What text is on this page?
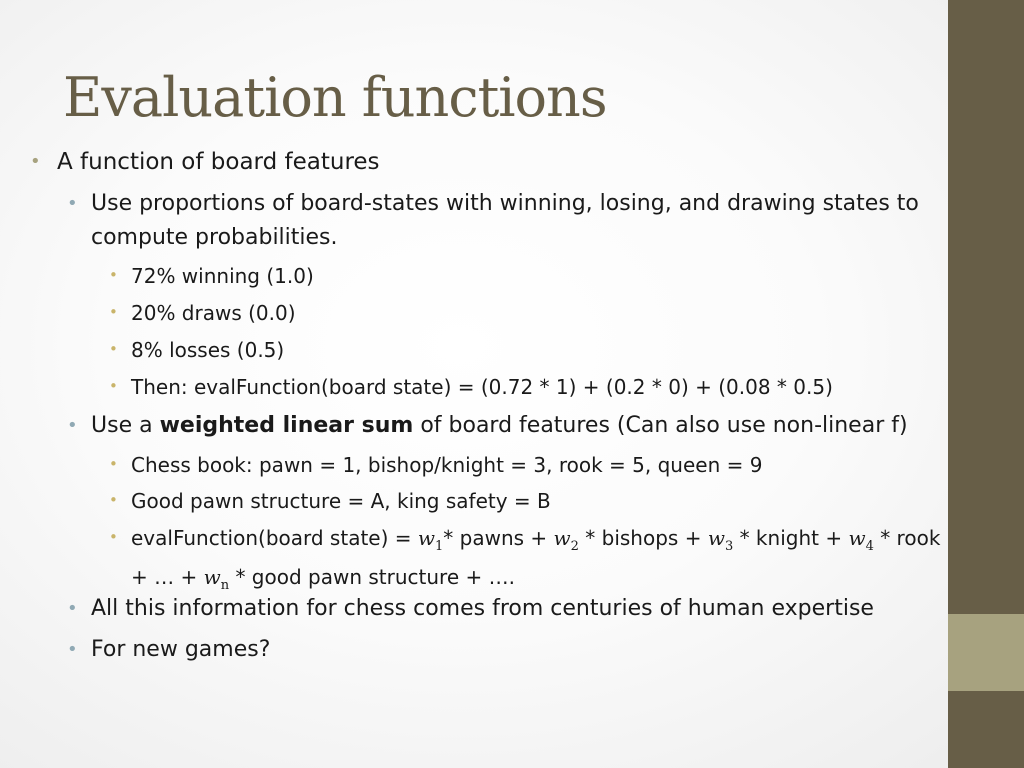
Evaluation functions
• A function of board features
• Use proportions of board-states with winning, losing, and drawing states to compute probabilities.
• 72% winning (1.0)
• 20% draws (0.0)
• 8% losses (0.5)
• Then: evalFunction(board state) = (0.72 * 1) + (0.2 * 0) + (0.08 * 0.5)
• Use a weighted linear sum of board features (Can also use non-linear f)
• Chess book: pawn = 1, bishop/knight = 3, rook = 5, queen = 9
• Good pawn structure = A, king safety = B
• evalFunction(board state) = $w_1*$ pawns + $w_2$ * bishops + $w_3$ * knight + $w_4$ * rook
+ … + $w_n$ * good pawn structure + ….
• All this information for chess comes from centuries of human expertise
• For new games?
